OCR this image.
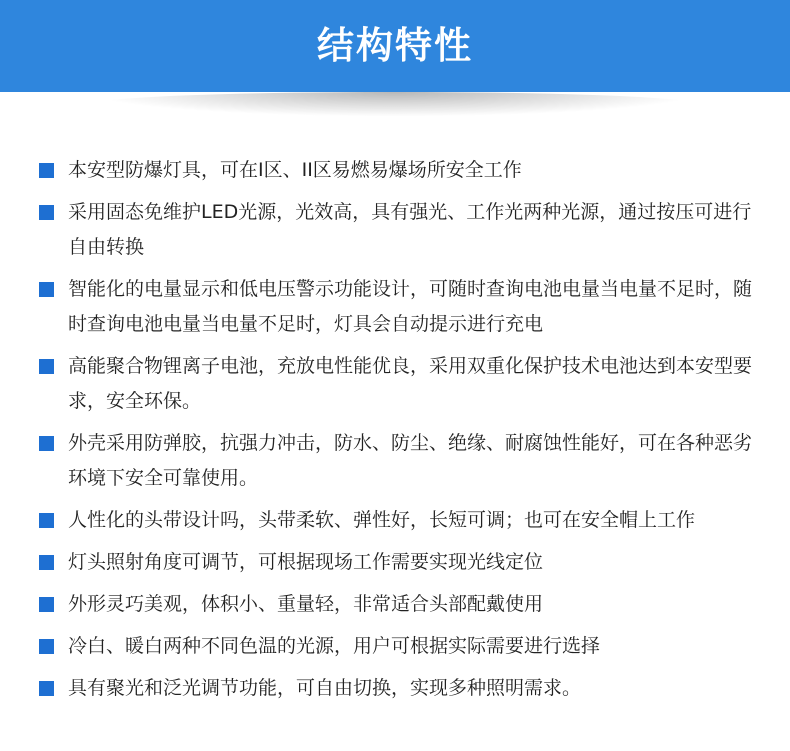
结构特性
本安型防爆灯具，可在I区、II区易燃易爆场所安全工作
采用固态免维护LED光源，光效高，具有强光、工作光两种光源，通过按压可进行自由转换
智能化的电量显示和低电压警示功能设计，可随时查询电池电量当电量不足时，随时查询电池电量当电量不足时，灯具会自动提示进行充电
高能聚合物锂离子电池，充放电性能优良，采用双重化保护技术电池达到本安型要求，安全环保。
外壳采用防弹胶，抗强力冲击，防水、防尘、绝缘、耐腐蚀性能好，可在各种恶劣环境下安全可靠使用。
人性化的头带设计吗，头带柔软、弹性好，长短可调；也可在安全帽上工作
灯头照射角度可调节，可根据现场工作需要实现光线定位
外形灵巧美观，体积小、重量轻，非常适合头部配戴使用
冷白、暖白两种不同色温的光源，用户可根据实际需要进行选择
具有聚光和泛光调节功能，可自由切换，实现多种照明需求。
